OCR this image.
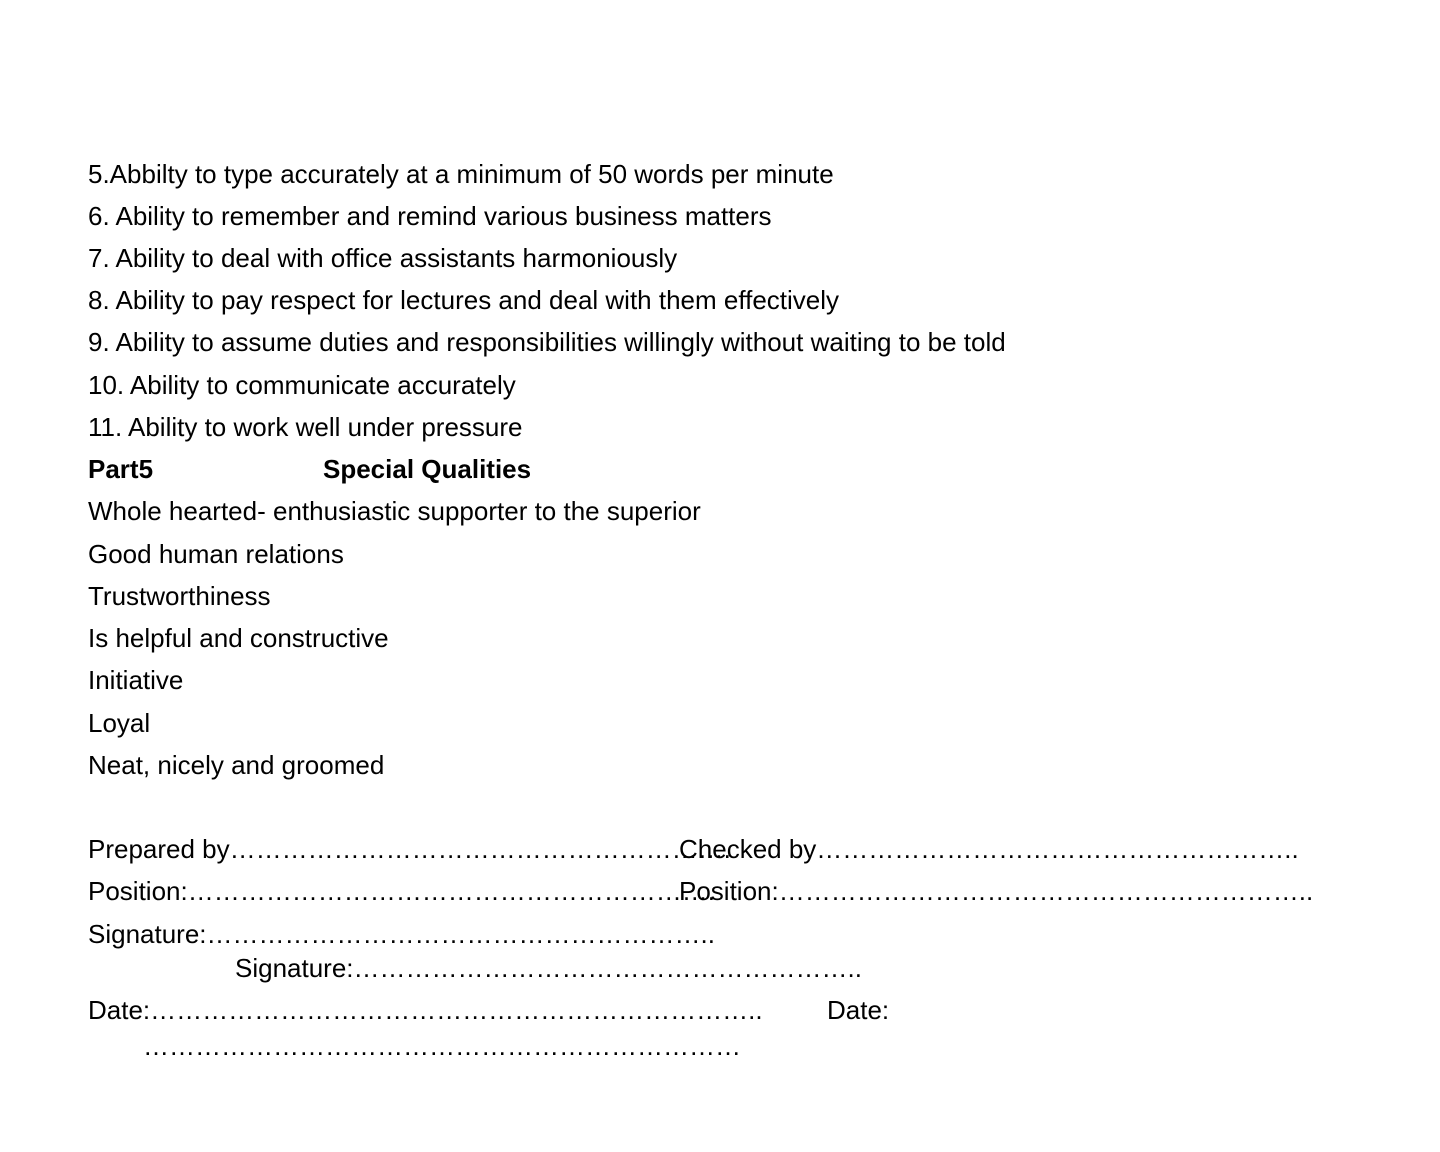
5.Abbilty to type accurately at a minimum of 50 words per minute
6. Ability to remember and remind various business matters
7. Ability to deal with office assistants harmoniously
8. Ability to pay respect for lectures and deal with them effectively
9. Ability to assume duties and responsibilities willingly without waiting to be told
10. Ability to communicate accurately
11. Ability to work well under pressure
Part5	Special Qualities
Whole hearted- enthusiastic supporter to the superior
Good human relations
Trustworthiness
Is helpful and constructive
Initiative
Loyal
Neat, nicely and groomed
Prepared by………………………………………………….
Checked by………………………………………………..
Position:…………………………………………………….
Position:……………………………………………………..
Signature:…………………………………………………..
Signature:…………………………………………………..
Date:…………………………………………………………….. Date:
……………………………………………………………
